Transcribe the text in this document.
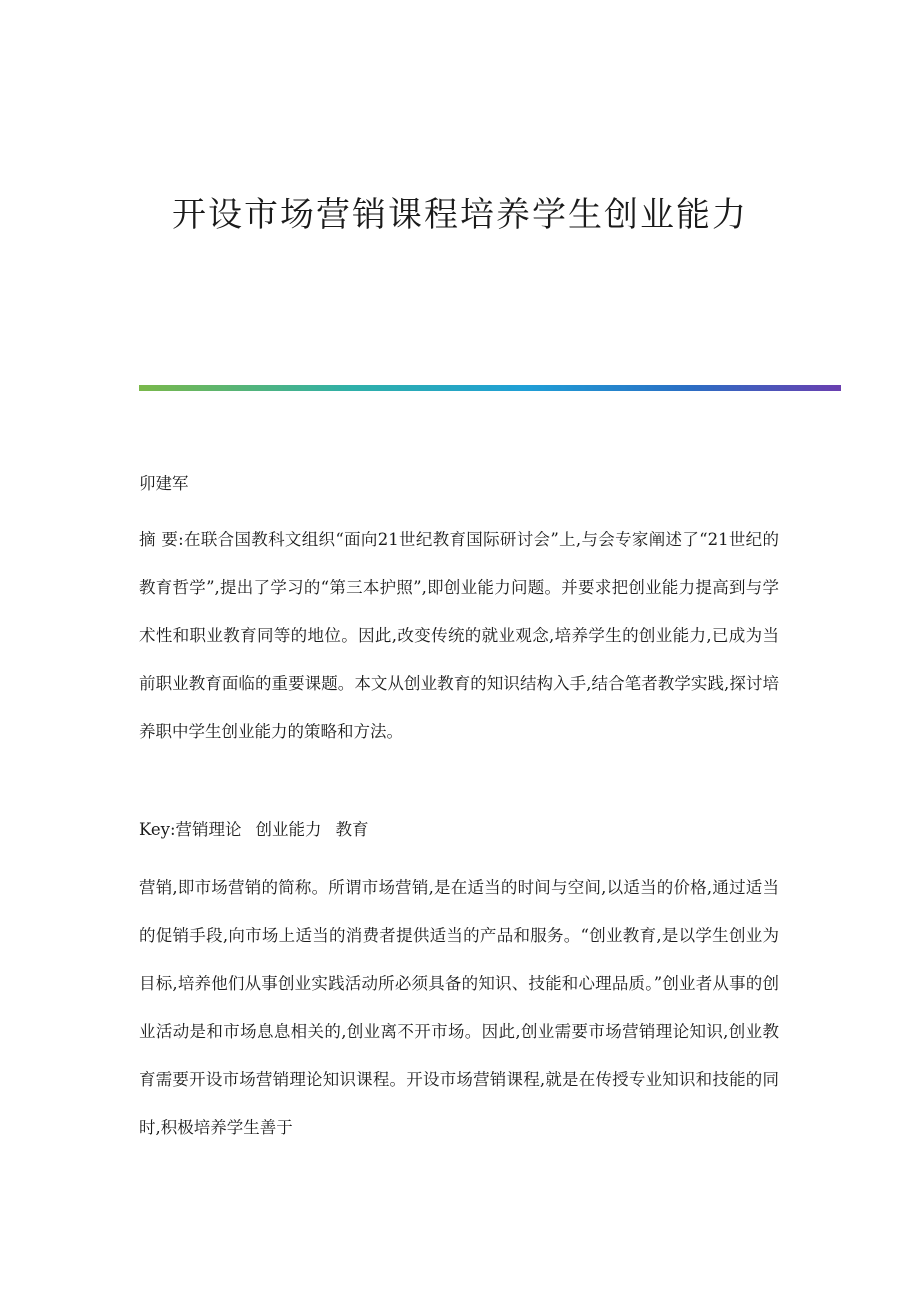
开设市场营销课程培养学生创业能力

卯建军

摘 要:在联合国教科文组织“面向21世纪教育国际研讨会”上,与会专家阐述了“21世纪的教育哲学”,提出了学习的“第三本护照”,即创业能力问题。并要求把创业能力提高到与学术性和职业教育同等的地位。因此,改变传统的就业观念,培养学生的创业能力,已成为当前职业教育面临的重要课题。本文从创业教育的知识结构入手,结合笔者教学实践,探讨培养职中学生创业能力的策略和方法。

Key:营销理论 创业能力 教育

营销,即市场营销的简称。所谓市场营销,是在适当的时间与空间,以适当的价格,通过适当的促销手段,向市场上适当的消费者提供适当的产品和服务。“创业教育,是以学生创业为目标,培养他们从事创业实践活动所必须具备的知识、技能和心理品质。”创业者从事的创业活动是和市场息息相关的,创业离不开市场。因此,创业需要市场营销理论知识,创业教育需要开设市场营销理论知识课程。开设市场营销课程,就是在传授专业知识和技能的同时,积极培养学生善于
